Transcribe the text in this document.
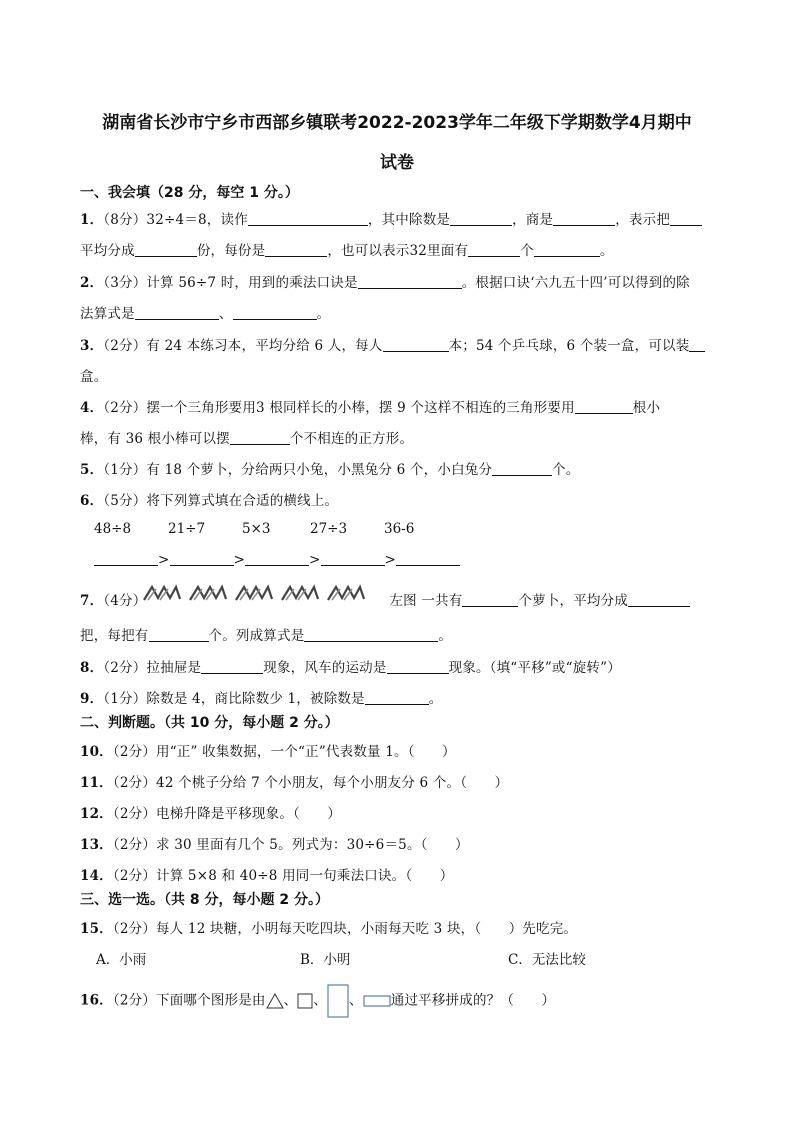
湖南省长沙市宁乡市西部乡镇联考2022-2023学年二年级下学期数学4月期中
试卷
一、我会填（28 分，每空 1 分。）
1．（8分）32÷4＝8，读作	，其中除数是	，商是	，表示把
平均分成	份，每份是	，也可以表示32里面有	个	。
2．（3分）计算 56÷7 时，用到的乘法口诀是	。根据口诀‘六九五十四’可以得到的除
法算式是	、	。
3．（2分）有 24 本练习本，平均分给 6 人，每人	本；54 个乒乓球，6 个装一盒，可以装
盒。
4．（2分）摆一个三角形要用3 根同样长的小棒，摆 9 个这样不相连的三角形要用	根小
棒，有 36 根小棒可以摆	个不相连的正方形。
5．（1分）有 18 个萝卜，分给两只小兔，小黑兔分 6 个，小白兔分	个。
6．（5分）将下列算式填在合适的横线上。
48÷8	21÷7	5×3	27÷3	36-6
>	>	>	>
7．（4分）	左图 一共有	个萝卜，平均分成
把，每把有	个。列成算式是	。
8．（2分）拉抽屉是	现象，风车的运动是	现象。（填“平移”或“旋转”）
9．（1分）除数是 4，商比除数少 1，被除数是	。
二、判断题。（共 10 分，每小题 2 分。）
10．（2分）用“正” 收集数据，一个“正”代表数量 1。（　　）
11．（2分）42 个桃子分给 7 个小朋友，每个小朋友分 6 个。（　　）
12．（2分）电梯升降是平移现象。（　　）
13．（2分）求 30 里面有几个 5。列式为：30÷6＝5。（　　）
14．（2分）计算 5×8 和 40÷8 用同一句乘法口诀。（　　）
三、选一选。（共 8 分，每小题 2 分。）
15．（2分）每人 12 块糖，小明每天吃四块，小雨每天吃 3 块，（　　）先吃完。
A．小雨	B．小明	C．无法比较
16．（2分）下面哪个图形是由 、 、 、 通过平移拼成的？（　　）
